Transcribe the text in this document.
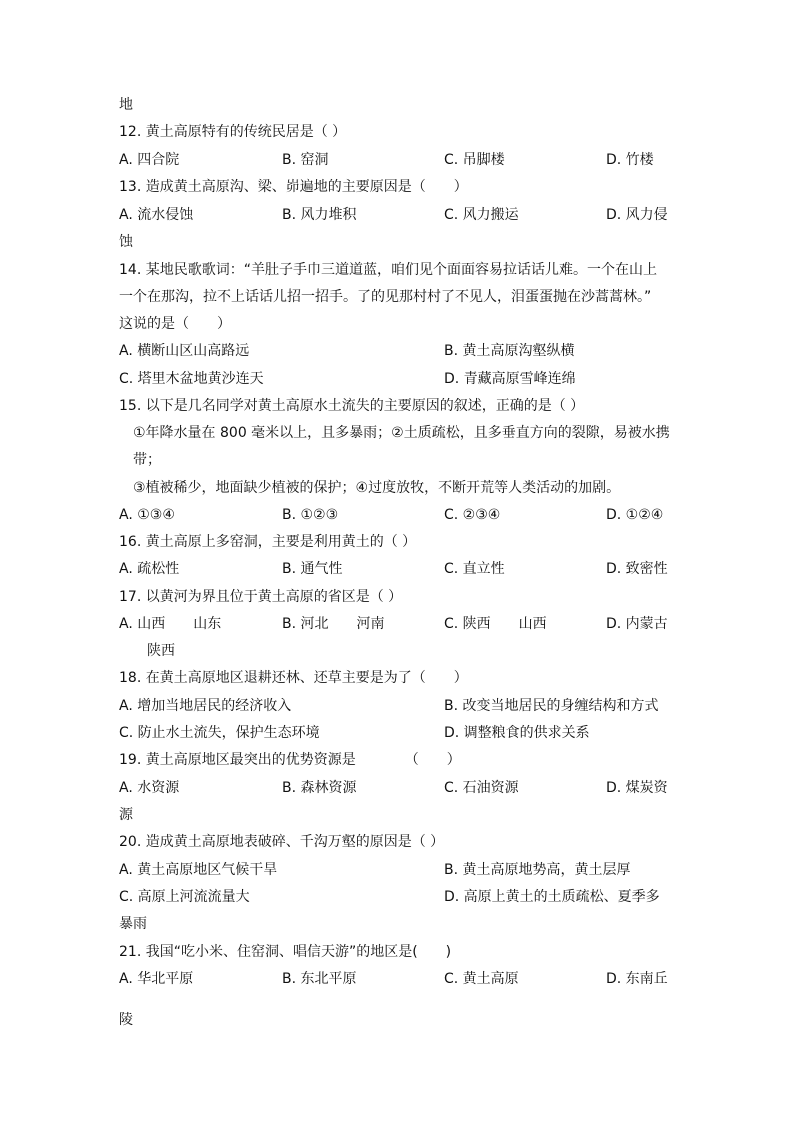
地
12. 黄土高原特有的传统民居是（ ）
A. 四合院	B. 窑洞	C. 吊脚楼	D. 竹楼
13. 造成黄土高原沟、梁、峁遍地的主要原因是（　　）
A. 流水侵蚀	B. 风力堆积	C. 风力搬运	D. 风力侵
蚀
14. 某地民歌歌词：“羊肚子手巾三道道蓝，咱们见个面面容易拉话话儿难。一个在山上
一个在那沟，拉不上话话儿招一招手。了的见那村村了不见人，泪蛋蛋抛在沙蒿蒿林。”
这说的是（　　）
A. 横断山区山高路远	B. 黄土高原沟壑纵横
C. 塔里木盆地黄沙连天	D. 青藏高原雪峰连绵
15. 以下是几名同学对黄土高原水土流失的主要原因的叙述，正确的是（ ）
①年降水量在 800 毫米以上，且多暴雨；②土质疏松，且多垂直方向的裂隙，易被水携
带；
③植被稀少，地面缺少植被的保护；④过度放牧，不断开荒等人类活动的加剧。
A. ①③④	B. ①②③	C. ②③④	D. ①②④
16. 黄土高原上多窑洞，主要是利用黄土的（ ）
A. 疏松性	B. 通气性	C. 直立性	D. 致密性
17. 以黄河为界且位于黄土高原的省区是（ ）
A. 山西　　山东	B. 河北　　河南	C. 陕西　　山西	D. 内蒙古
陕西
18. 在黄土高原地区退耕还林、还草主要是为了（　　）
A. 增加当地居民的经济收入	B. 改变当地居民的身缠结构和方式
C. 防止水土流失，保护生态环境	D. 调整粮食的供求关系
19. 黄土高原地区最突出的优势资源是　　　　（　　）
A. 水资源	B. 森林资源	C. 石油资源	D. 煤炭资
源
20. 造成黄土高原地表破碎、千沟万壑的原因是（ ）
A. 黄土高原地区气候干旱	B. 黄土高原地势高，黄土层厚
C. 高原上河流流量大	D. 高原上黄土的土质疏松、夏季多
暴雨
21. 我国“吃小米、住窑洞、唱信天游”的地区是(　　)
A. 华北平原	B. 东北平原	C. 黄土高原	D. 东南丘
陵
